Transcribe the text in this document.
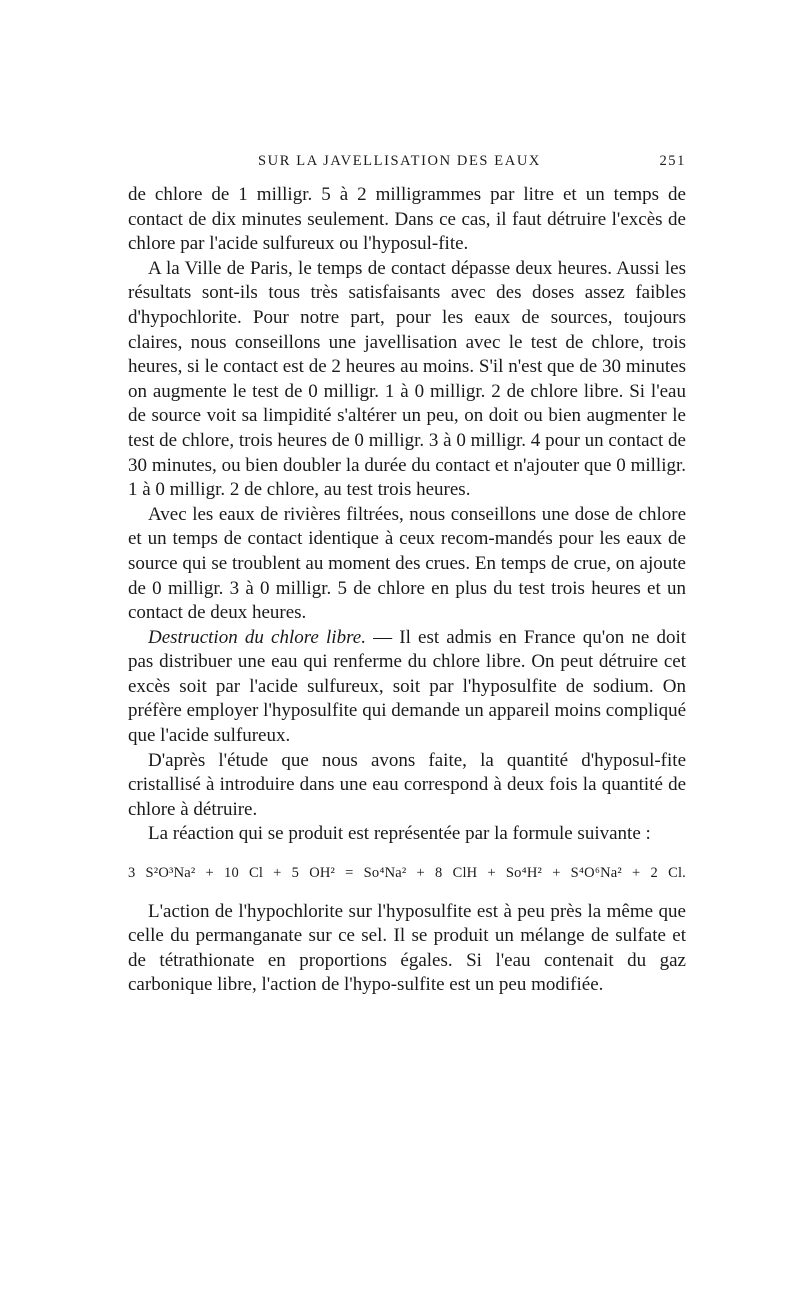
SUR LA JAVELLISATION DES EAUX	251

de chlore de 1 milligr. 5 à 2 milligrammes par litre et un temps de contact de dix minutes seulement. Dans ce cas, il faut détruire l'excès de chlore par l'acide sulfureux ou l'hyposul-fite.

A la Ville de Paris, le temps de contact dépasse deux heures. Aussi les résultats sont-ils tous très satisfaisants avec des doses assez faibles d'hypochlorite. Pour notre part, pour les eaux de sources, toujours claires, nous conseillons une javellisation avec le test de chlore, trois heures, si le contact est de 2 heures au moins. S'il n'est que de 30 minutes on augmente le test de 0 milligr. 1 à 0 milligr. 2 de chlore libre. Si l'eau de source voit sa limpidité s'altérer un peu, on doit ou bien augmenter le test de chlore, trois heures de 0 milligr. 3 à 0 milligr. 4 pour un contact de 30 minutes, ou bien doubler la durée du contact et n'ajouter que 0 milligr. 1 à 0 milligr. 2 de chlore, au test trois heures.

Avec les eaux de rivières filtrées, nous conseillons une dose de chlore et un temps de contact identique à ceux recom-mandés pour les eaux de source qui se troublent au moment des crues. En temps de crue, on ajoute de 0 milligr. 3 à 0 milligr. 5 de chlore en plus du test trois heures et un contact de deux heures.

Destruction du chlore libre. — Il est admis en France qu'on ne doit pas distribuer une eau qui renferme du chlore libre. On peut détruire cet excès soit par l'acide sulfureux, soit par l'hyposulfite de sodium. On préfère employer l'hyposulfite qui demande un appareil moins compliqué que l'acide sulfureux.

D'après l'étude que nous avons faite, la quantité d'hyposul-fite cristallisé à introduire dans une eau correspond à deux fois la quantité de chlore à détruire.

La réaction qui se produit est représentée par la formule suivante :

3 S²O³Na² + 10 Cl + 5 OH² = So⁴Na² + 8 ClH + So⁴H² + S⁴O⁶Na² + 2 Cl.

L'action de l'hypochlorite sur l'hyposulfite est à peu près la même que celle du permanganate sur ce sel. Il se produit un mélange de sulfate et de tétrathionate en proportions égales. Si l'eau contenait du gaz carbonique libre, l'action de l'hypo-sulfite est un peu modifiée.
